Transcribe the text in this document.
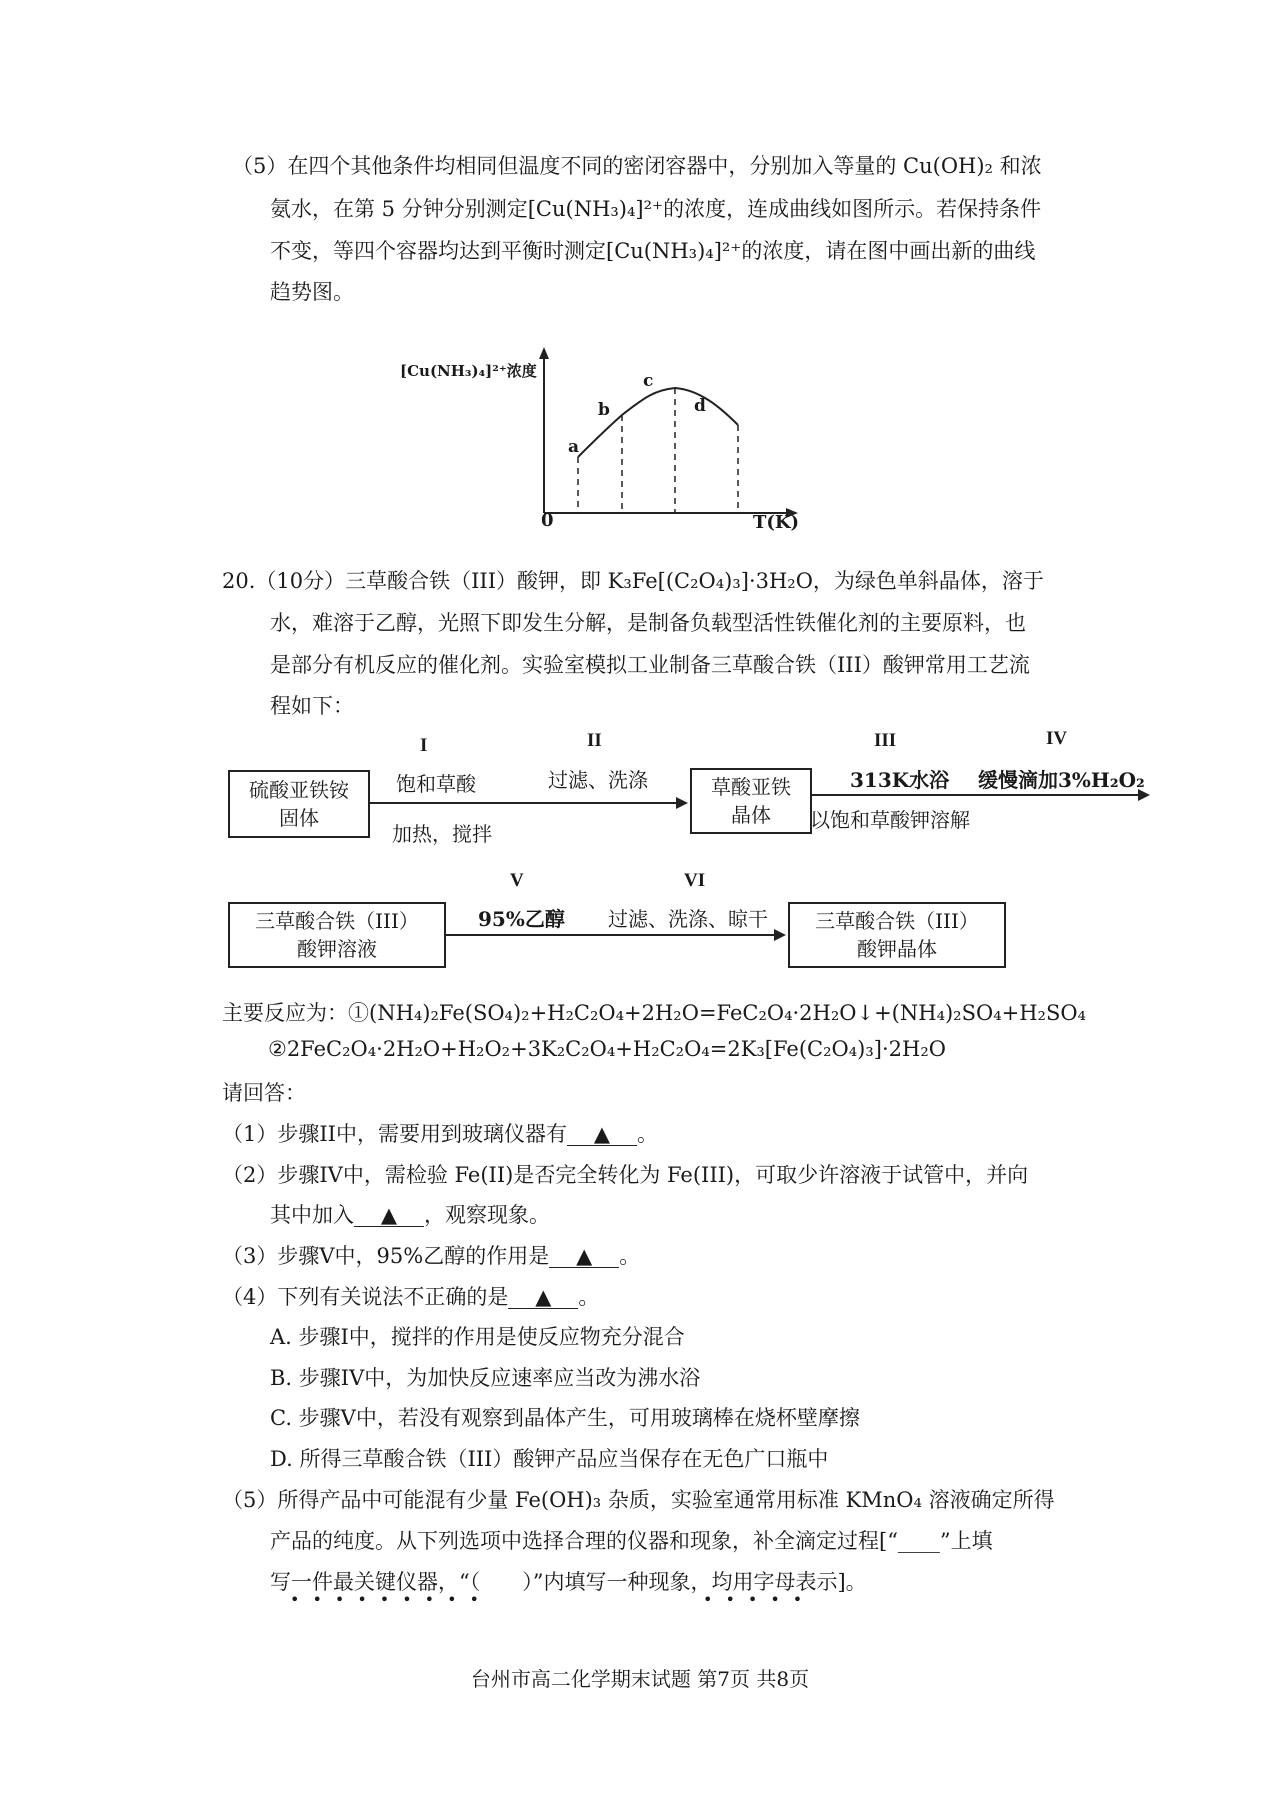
（5）在四个其他条件均相同但温度不同的密闭容器中，分别加入等量的 Cu(OH)₂ 和浓
氨水，在第 5 分钟分别测定[Cu(NH₃)₄]²⁺的浓度，连成曲线如图所示。若保持条件
不变，等四个容器均达到平衡时测定[Cu(NH₃)₄]²⁺的浓度，请在图中画出新的曲线
趋势图。
[Cu(NH₃)₄]²⁺浓度
0	T(K)
a
b
c
d
20.（10分）三草酸合铁（III）酸钾，即 K₃Fe[(C₂O₄)₃]·3H₂O，为绿色单斜晶体，溶于
水，难溶于乙醇，光照下即发生分解，是制备负载型活性铁催化剂的主要原料，也
是部分有机反应的催化剂。实验室模拟工业制备三草酸合铁（III）酸钾常用工艺流
程如下：
硫酸亚铁铵
固体
I
饱和草酸
加热，搅拌
II
过滤、洗涤	草酸亚铁
晶体
III
313K水浴
以饱和草酸钾溶解
IV
缓慢滴加3%H₂O₂
三草酸合铁（III）
酸钾溶液
V
95%乙醇
VI
过滤、洗涤、晾干 三草酸合铁（III）
酸钾晶体
主要反应为：①(NH₄)₂Fe(SO₄)₂+H₂C₂O₄+2H₂O=FeC₂O₄·2H₂O↓+(NH₄)₂SO₄+H₂SO₄
②2FeC₂O₄·2H₂O+H₂O₂+3K₂C₂O₄+H₂C₂O₄=2K₃[Fe(C₂O₄)₃]·2H₂O
请回答：
（1）步骤II中，需要用到玻璃仪器有 ▲ 。
（2）步骤IV中，需检验 Fe(II)是否完全转化为 Fe(III)，可取少许溶液于试管中，并向
其中加入 ▲ ，观察现象。
（3）步骤V中，95%乙醇的作用是 ▲ 。
（4）下列有关说法不正确的是 ▲ 。
A. 步骤I中，搅拌的作用是使反应物充分混合
B. 步骤IV中，为加快反应速率应当改为沸水浴
C. 步骤V中，若没有观察到晶体产生，可用玻璃棒在烧杯壁摩擦
D. 所得三草酸合铁（III）酸钾产品应当保存在无色广口瓶中
（5）所得产品中可能混有少量 Fe(OH)₃ 杂质，实验室通常用标准 KMnO₄ 溶液确定所得
产品的纯度。从下列选项中选择合理的仪器和现象，补全滴定过程[“____”上填
写一件最关键仪器，“（　　）”内填写一种现象，均用字母表示]。
•••••••••	•••••
台州市高二化学期末试题 第7页 共8页
